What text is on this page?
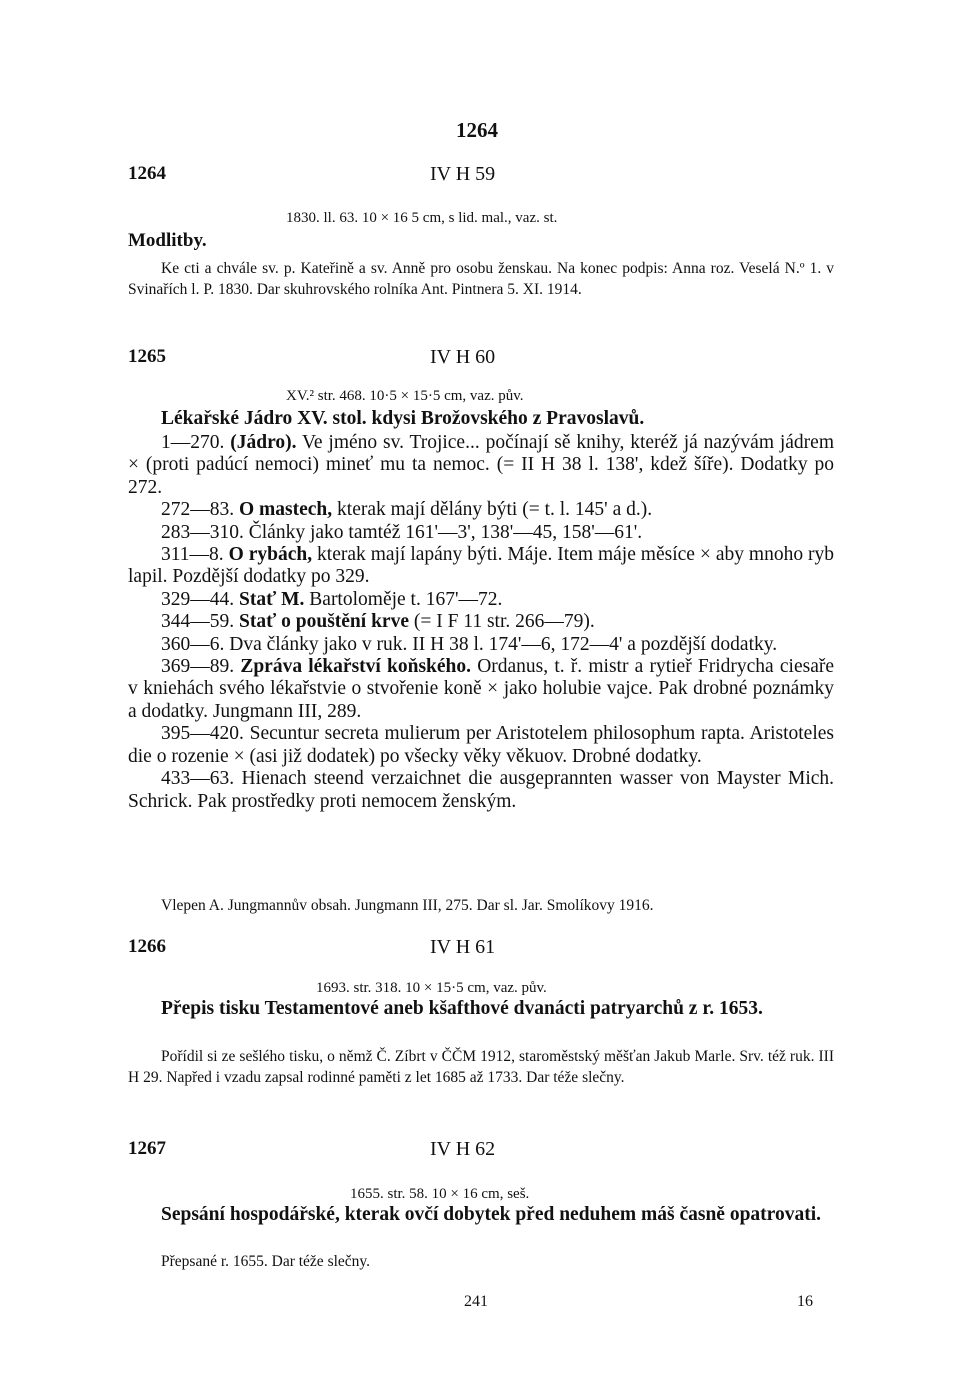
1264
1264	IV H 59
1830. ll. 63. 10 × 16 5 cm, s lid. mal., vaz. st.
Modlitby.

Ke cti a chvále sv. p. Kateřině a sv. Anně pro osobu ženskau. Na konec podpis: Anna roz. Veselá N.º 1. v Svinařích l. P. 1830. Dar skuhrovského rolníka Ant. Pintnera 5. XI. 1914.

1265	IV H 60
XV.² str. 468. 10·5 × 15·5 cm, vaz. pův.

Lékařské Jádro XV. stol. kdysi Brožovského z Pravoslavů.

1—270. (Jádro). Ve jméno sv. Trojice... počínají sě knihy, kteréž já nazývám jádrem × (proti padúcí nemoci) mineť mu ta nemoc. (= II H 38 l. 138', kdež šíře). Dodatky po 272.

272—83. O mastech, kterak mají dělány býti (= t. l. 145' a d.).

283—310. Články jako tamtéž 161'—3', 138'—45, 158'—61'.

311—8. O rybách, kterak mají lapány býti. Máje. Item máje měsíce × aby mnoho ryb lapil. Pozdější dodatky po 329.

329—44. Stať M. Bartoloměje t. 167'—72.

344—59. Stať o pouštění krve (= I F 11 str. 266—79).

360—6. Dva články jako v ruk. II H 38 l. 174'—6, 172—4' a pozdější dodatky.

369—89. Zpráva lékařství koňského. Ordanus, t. ř. mistr a rytieř Fridrycha ciesaře v kniehách svého lékařstvie o stvořenie koně × jako holubie vajce. Pak drobné poznámky a dodatky. Jungmann III, 289.

395—420. Secuntur secreta mulierum per Aristotelem philosophum rapta. Aristoteles die o rozenie × (asi již dodatek) po všecky věky věkuov. Drobné dodatky.

433—63. Hienach steend verzaichnet die ausgeprannten wasser von Mayster Mich. Schrick. Pak prostředky proti nemocem ženským.

Vlepen A. Jungmannův obsah. Jungmann III, 275. Dar sl. Jar. Smolíkovy 1916.

1266	IV H 61
1693. str. 318. 10 × 15·5 cm, vaz. pův.

Přepis tisku Testamentové aneb kšafthové dvanácti patryarchů z r. 1653.

Pořídil si ze sešlého tisku, o němž Č. Zíbrt v ČČM 1912, staroměstský měšťan Jakub Marle. Srv. též ruk. III H 29. Napřed i vzadu zapsal rodinné paměti z let 1685 až 1733. Dar téže slečny.

1267	IV H 62
1655. str. 58. 10 × 16 cm, seš.

Sepsání hospodářské, kterak ovčí dobytek před neduhem máš časně opatrovati.

Přepsané r. 1655. Dar téže slečny.

241	16
